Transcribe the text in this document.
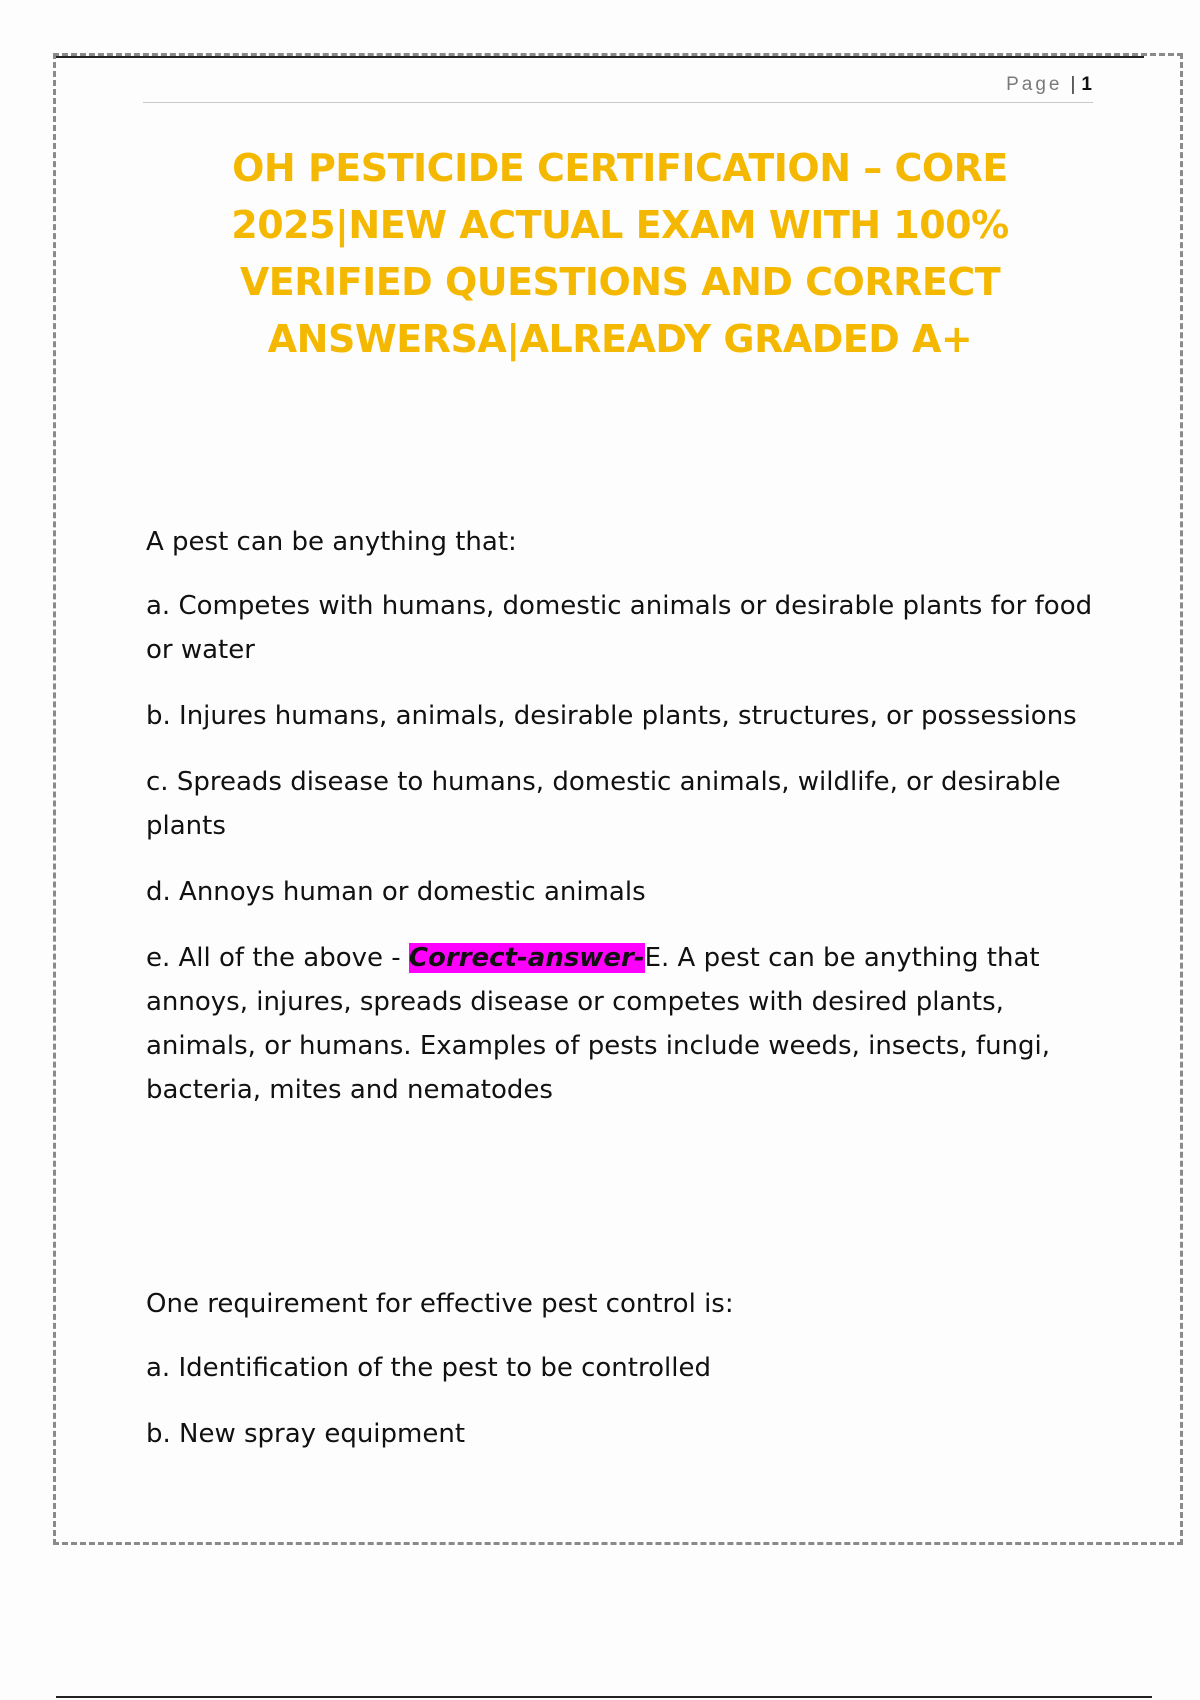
Page | 1
OH PESTICIDE CERTIFICATION – CORE 2025|NEW ACTUAL EXAM WITH 100% VERIFIED QUESTIONS AND CORRECT ANSWERSA|ALREADY GRADED A+

A pest can be anything that:

a. Competes with humans, domestic animals or desirable plants for food or water

b. Injures humans, animals, desirable plants, structures, or possessions

c. Spreads disease to humans, domestic animals, wildlife, or desirable plants

d. Annoys human or domestic animals

e. All of the above - Correct-answer-E. A pest can be anything that annoys, injures, spreads disease or competes with desired plants, animals, or humans. Examples of pests include weeds, insects, fungi, bacteria, mites and nematodes

One requirement for effective pest control is:

a. Identification of the pest to be controlled

b. New spray equipment
